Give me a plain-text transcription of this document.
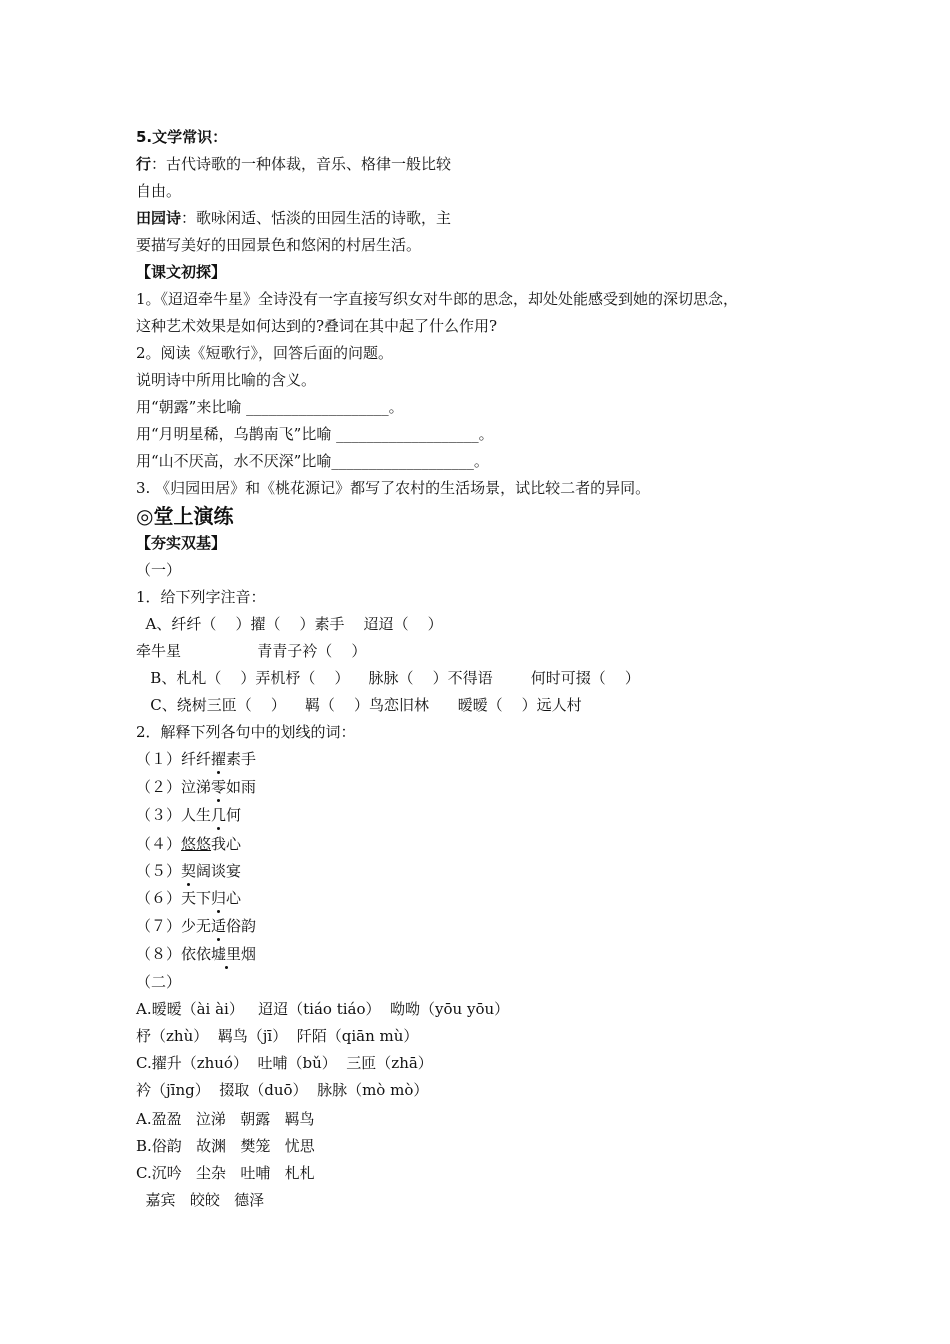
5.文学常识：
行：古代诗歌的一种体裁，音乐、格律一般比较
自由。
田园诗：歌咏闲适、恬淡的田园生活的诗歌，主
要描写美好的田园景色和悠闲的村居生活。
【课文初探】
1。《迢迢牵牛星》全诗没有一字直接写织女对牛郎的思念，却处处能感受到她的深切思念，
这种艺术效果是如何达到的?叠词在其中起了什么作用?
2。阅读《短歌行》，回答后面的问题。
说明诗中所用比喻的含义。
用“朝露”来比喻 ___________________。
用“月明星稀，乌鹊南飞”比喻 ___________________。
用“山不厌高，水不厌深”比喻___________________。
3. 《归园田居》和《桃花源记》都写了农村的生活场景，试比较二者的异同。
◎堂上演练
【夯实双基】
（一）
1．给下列字注音：
A、纤纤（    ）擢（    ）素手    迢迢（    ）
牵牛星                青青子衿（    ）
B、札札（    ）弄机杼（    ）    脉脉（    ）不得语        何时可掇（    ）
C、绕树三匝（    ）    羁（    ）鸟恋旧林      暧暧（    ）远人村
2．解释下列各句中的划线的词：
（１）纤纤擢素手
（２）泣涕零如雨
（３）人生几何
（４）悠悠我心
（５）契阔谈宴
（６）天下归心
（７）少无适俗韵
（８）依依墟里烟
（二）
A.暧暧（ài ài）   迢迢（tiáo tiáo）  呦呦（yōu yōu）
杼（zhù）  羁鸟（jī）  阡陌（qiān mù）
C.擢升（zhuó）  吐哺（bǔ）  三匝（zhā）
衿（jīng）  掇取（duō）  脉脉（mò mò）
A.盈盈   泣涕   朝露   羁鸟
B.俗韵   故渊   樊笼   忧思
C.沉吟   尘杂   吐哺   札札
嘉宾   皎皎   德泽
